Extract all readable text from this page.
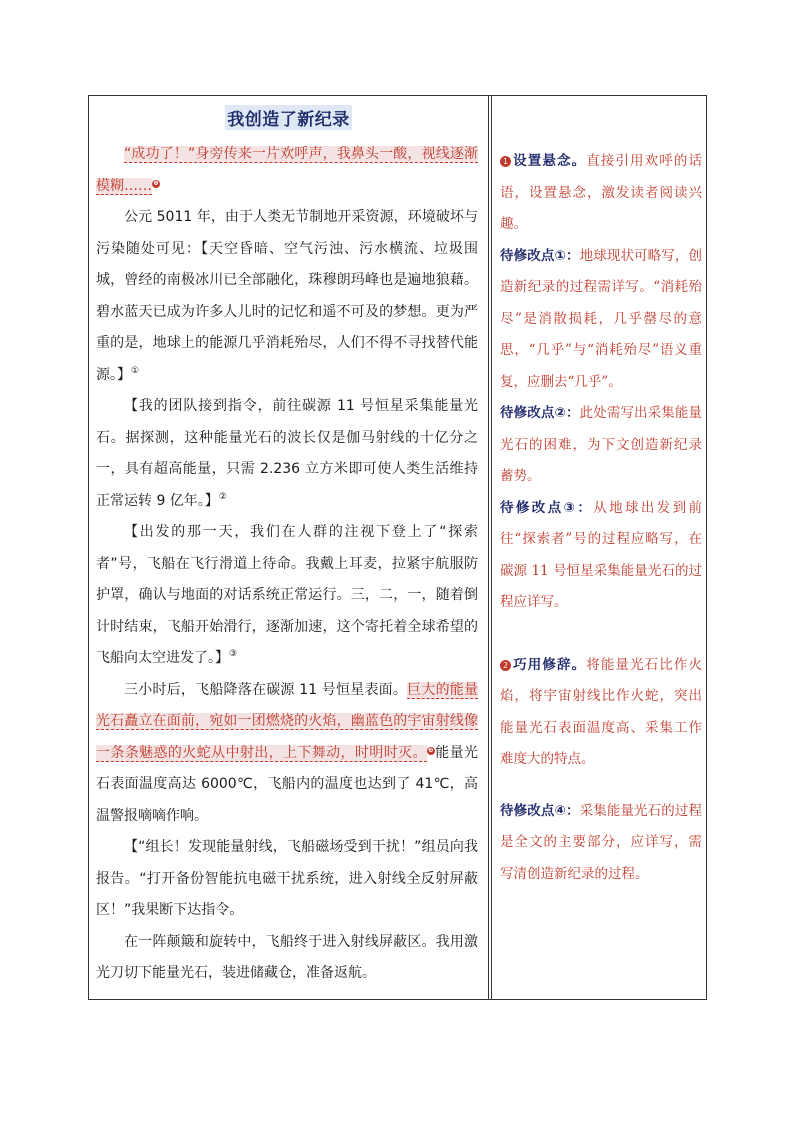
我创造了新纪录

“成功了！”身旁传来一片欢呼声，我鼻头一酸，视线逐渐模糊……❶

公元 5011 年，由于人类无节制地开采资源，环境破坏与污染随处可见：【天空昏暗、空气污浊、污水横流、垃圾围城，曾经的南极冰川已全部融化，珠穆朗玛峰也是遍地狼藉。碧水蓝天已成为许多人儿时的记忆和遥不可及的梦想。更为严重的是，地球上的能源几乎消耗殆尽，人们不得不寻找替代能源。】①

【我的团队接到指令，前往碳源 11 号恒星采集能量光石。据探测，这种能量光石的波长仅是伽马射线的十亿分之一，具有超高能量，只需 2.236 立方米即可使人类生活维持正常运转 9 亿年。】②

【出发的那一天，我们在人群的注视下登上了“探索者”号，飞船在飞行滑道上待命。我戴上耳麦，拉紧宇航服防护罩，确认与地面的对话系统正常运行。三，二，一，随着倒计时结束，飞船开始滑行，逐渐加速，这个寄托着全球希望的飞船向太空进发了。】③

三小时后，飞船降落在碳源 11 号恒星表面。巨大的能量光石矗立在面前，宛如一团燃烧的火焰，幽蓝色的宇宙射线像一条条魅惑的火蛇从中射出，上下舞动，时明时灭。❷能量光石表面温度高达 6000℃，飞船内的温度也达到了 41℃，高温警报嘀嘀作响。

【“组长！发现能量射线，飞船磁场受到干扰！”组员向我报告。“打开备份智能抗电磁干扰系统，进入射线全反射屏蔽区！”我果断下达指令。

在一阵颠簸和旋转中，飞船终于进入射线屏蔽区。我用激光刀切下能量光石，装进储藏仓，准备返航。

1 设置悬念。直接引用欢呼的话语，设置悬念，激发读者阅读兴趣。

待修改点①：地球现状可略写，创造新纪录的过程需详写。“消耗殆尽”是消散损耗，几乎罄尽的意思，“几乎”与“消耗殆尽”语义重复，应删去“几乎”。

待修改点②：此处需写出采集能量光石的困难，为下文创造新纪录蓄势。

待修改点③：从地球出发到前往“探索者”号的过程应略写，在碳源 11 号恒星采集能量光石的过程应详写。

2 巧用修辞。将能量光石比作火焰，将宇宙射线比作火蛇，突出能量光石表面温度高、采集工作难度大的特点。

待修改点④：采集能量光石的过程是全文的主要部分，应详写，需写清创造新纪录的过程。
